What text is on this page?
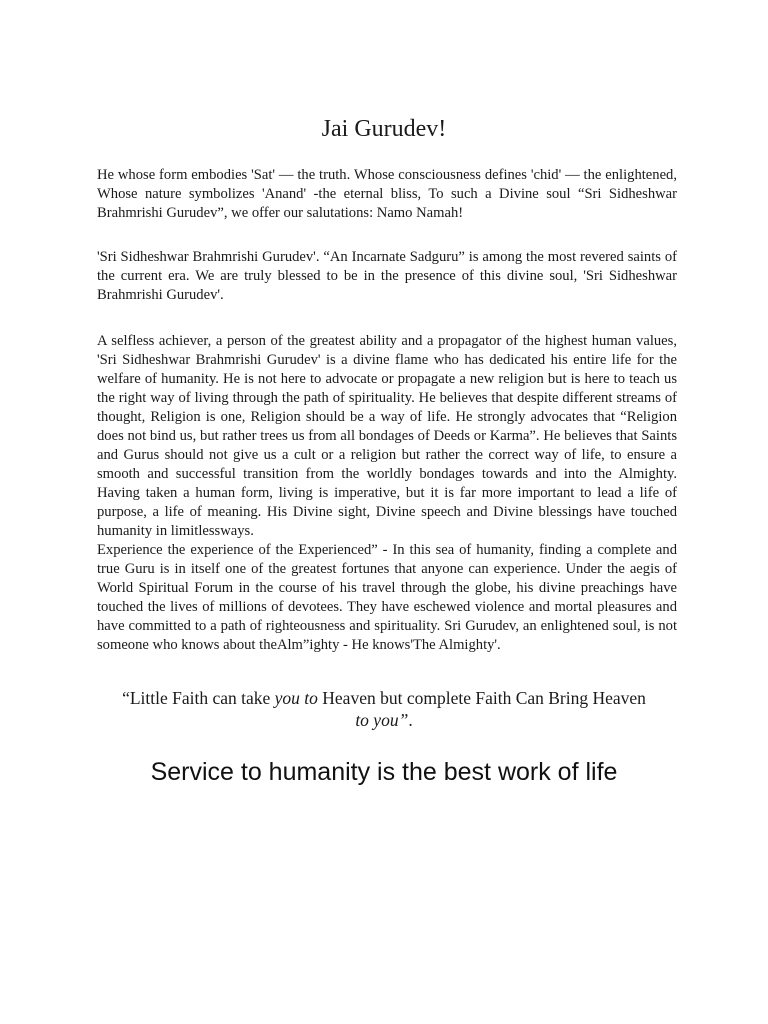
Jai Gurudev!

He whose form embodies 'Sat' — the truth. Whose consciousness defines 'chid' — the enlightened, Whose nature symbolizes 'Anand' -the eternal bliss, To such a Divine soul “Sri Sidheshwar Brahmrishi Gurudev”, we offer our salutations: Namo Namah!

'Sri Sidheshwar Brahmrishi Gurudev'. “An Incarnate Sadguru” is among the most revered saints of the current era. We are truly blessed to be in the presence of this divine soul, 'Sri Sidheshwar Brahmrishi Gurudev'.

A selfless achiever, a person of the greatest ability and a propagator of the highest human values, 'Sri Sidheshwar Brahmrishi Gurudev' is a divine flame who has dedicated his entire life for the welfare of humanity. He is not here to advocate or propagate a new religion but is here to teach us the right way of living through the path of spirituality. He believes that despite different streams of thought, Religion is one, Religion should be a way of life. He strongly advocates that “Religion does not bind us, but rather trees us from all bondages of Deeds or Karma”. He believes that Saints and Gurus should not give us a cult or a religion but rather the correct way of life, to ensure a smooth and successful transition from the worldly bondages towards and into the Almighty. Having taken a human form, living is imperative, but it is far more important to lead a life of purpose, a life of meaning. His Divine sight, Divine speech and Divine blessings have touched humanity in limitlessways.

Experience the experience of the Experienced” - In this sea of humanity, finding a complete and true Guru is in itself one of the greatest fortunes that anyone can experience. Under the aegis of World Spiritual Forum in the course of his travel through the globe, his divine preachings have touched the lives of millions of devotees. They have eschewed violence and mortal pleasures and have committed to a path of righteousness and spirituality. Sri Gurudev, an enlightened soul, is not someone who knows about theAlm”ighty - He knows'The Almighty'.

“Little Faith can take you to Heaven but complete Faith Can Bring Heaven to you”.
Service to humanity is the best work of life
